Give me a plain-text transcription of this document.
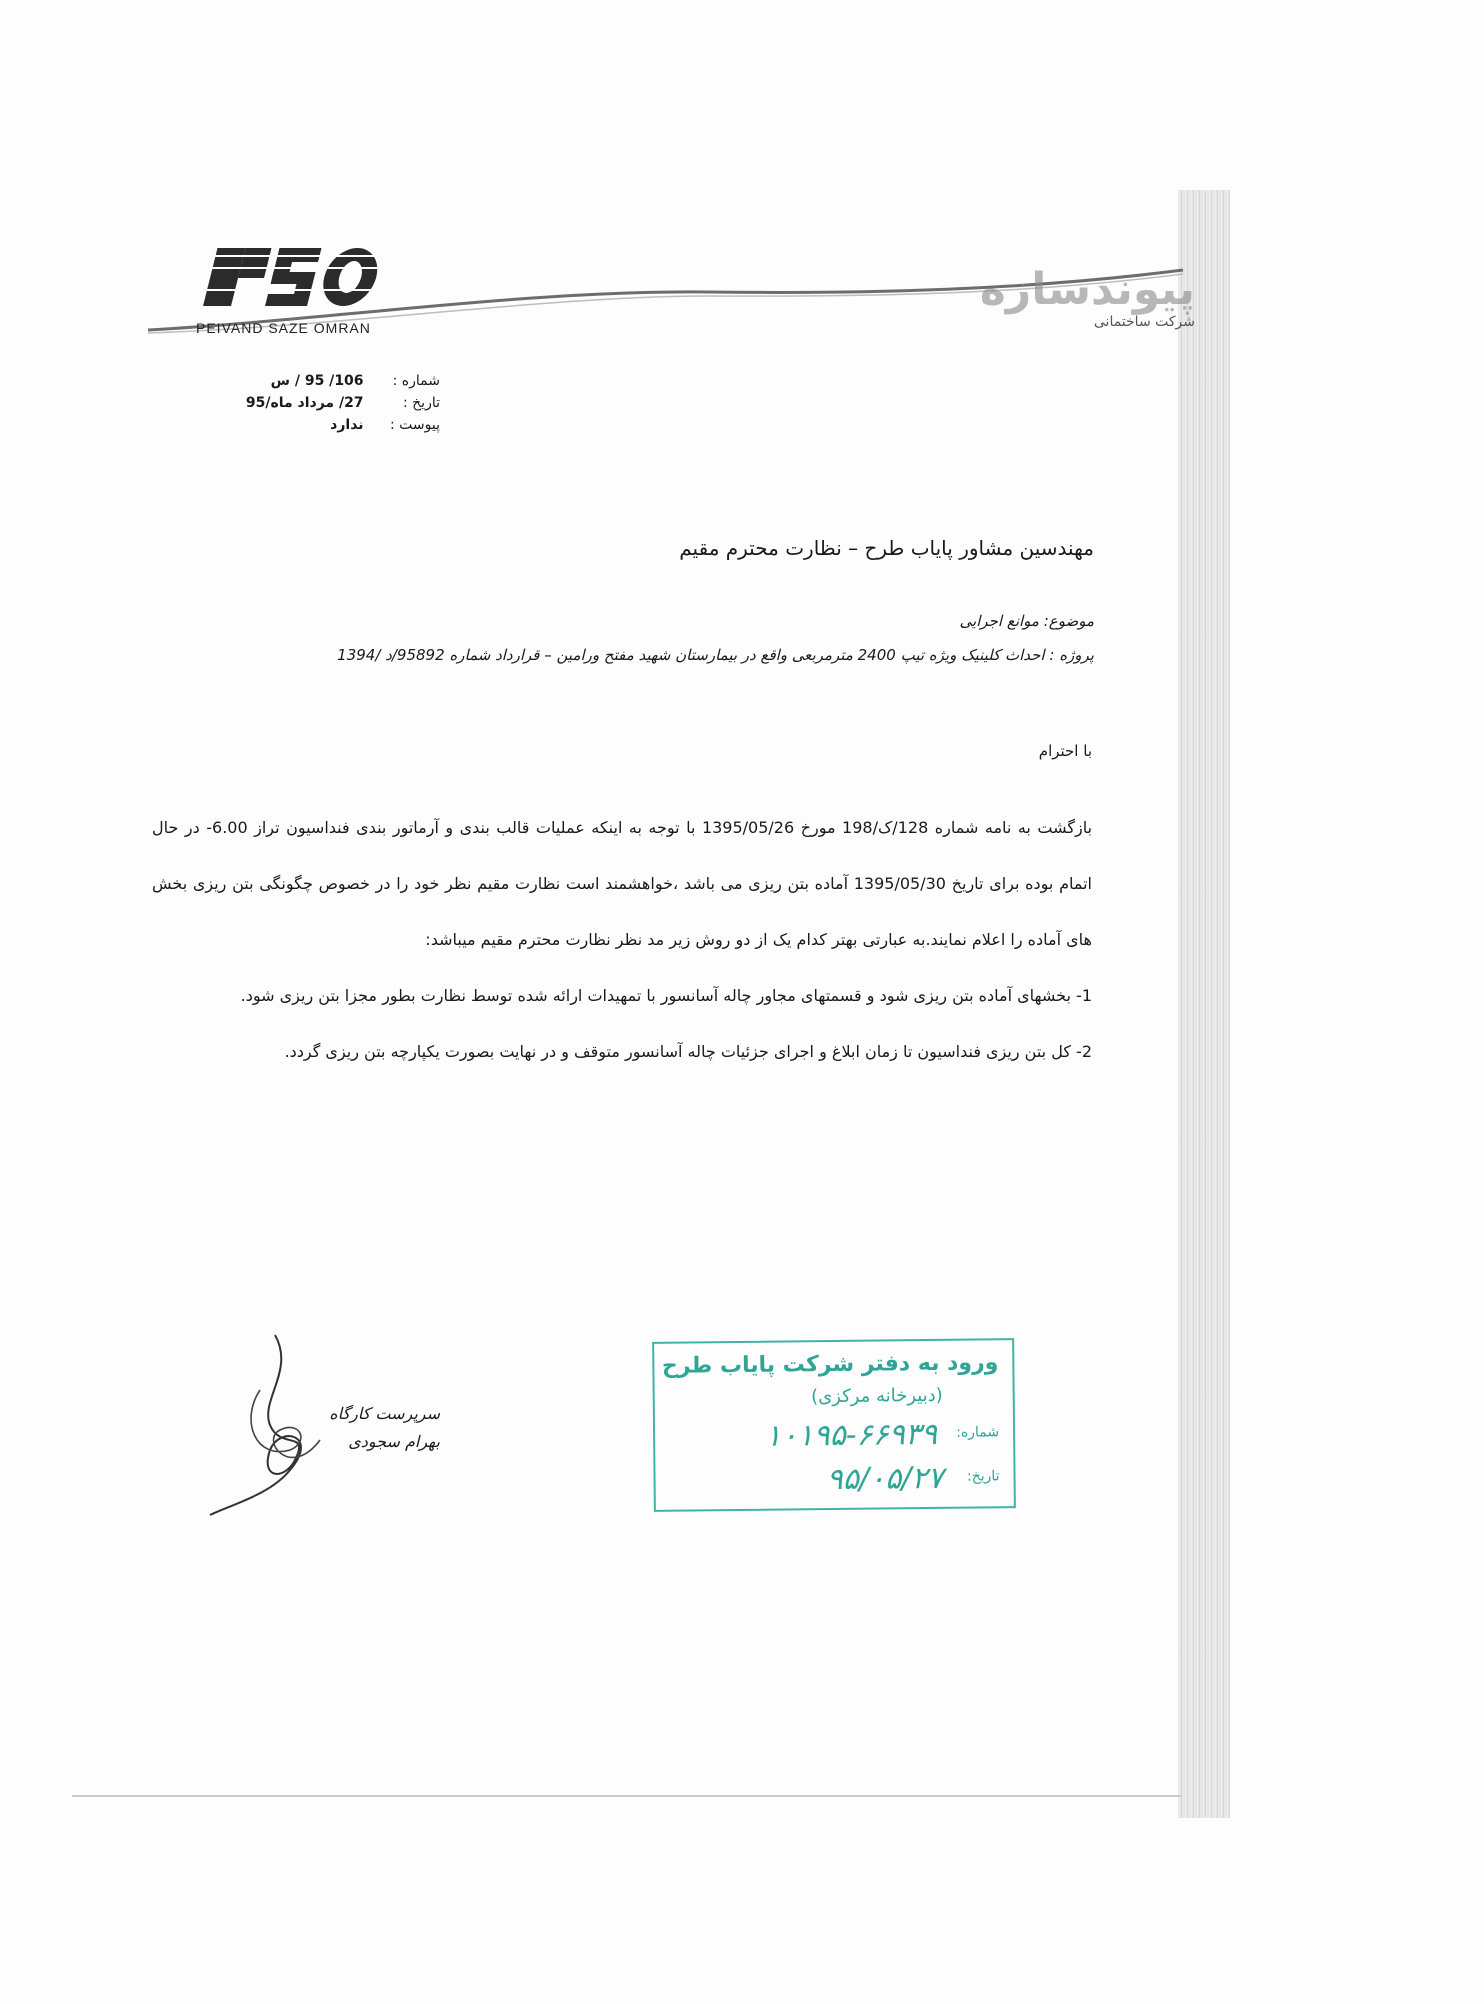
PEIVAND SAZE OMRAN
پیوندسازه
شرکت ساختمانی
شماره : 106/ 95 / س
تاریخ : 27/ مرداد ماه/95
پیوست : ندارد
مهندسین مشاور پایاب طرح – نظارت محترم مقیم
موضوع: موانع اجرایی
پروژه : احداث کلینیک ویژه تیپ 2400 مترمربعی واقع در بیمارستان شهید مفتح ورامین – قرارداد شماره 95892/د /1394
با احترام

بازگشت به نامه شماره 128/ک/198 مورخ 1395/05/26 با توجه به اینکه عملیات قالب بندی و آرماتور بندی فنداسیون تراز 6.00- در حال اتمام بوده برای تاریخ 1395/05/30 آماده بتن ریزی می باشد ،خواهشمند است نظارت مقیم نظر خود را در خصوص چگونگی بتن ریزی بخش های آماده را اعلام نمایند.به عبارتی بهتر کدام یک از دو روش زیر مد نظر نظارت محترم مقیم میباشد:

1- بخشهای آماده بتن ریزی شود و قسمتهای مجاور چاله آسانسور با تمهیدات ارائه شده توسط نظارت بطور مجزا بتن ریزی شود.

2- کل بتن ریزی فنداسیون تا زمان ابلاغ و اجرای جزئیات چاله آسانسور متوقف و در نهایت بصورت یکپارچه بتن ریزی گردد.

سرپرست کارگاه
بهرام سجودی
ورود به دفتر شرکت پایاب طرح
(دبیرخانه مرکزی)
شماره:
۱۰۱۹۵-۶۶۹۳۹
تاریخ:
۹۵/۰۵/۲۷
